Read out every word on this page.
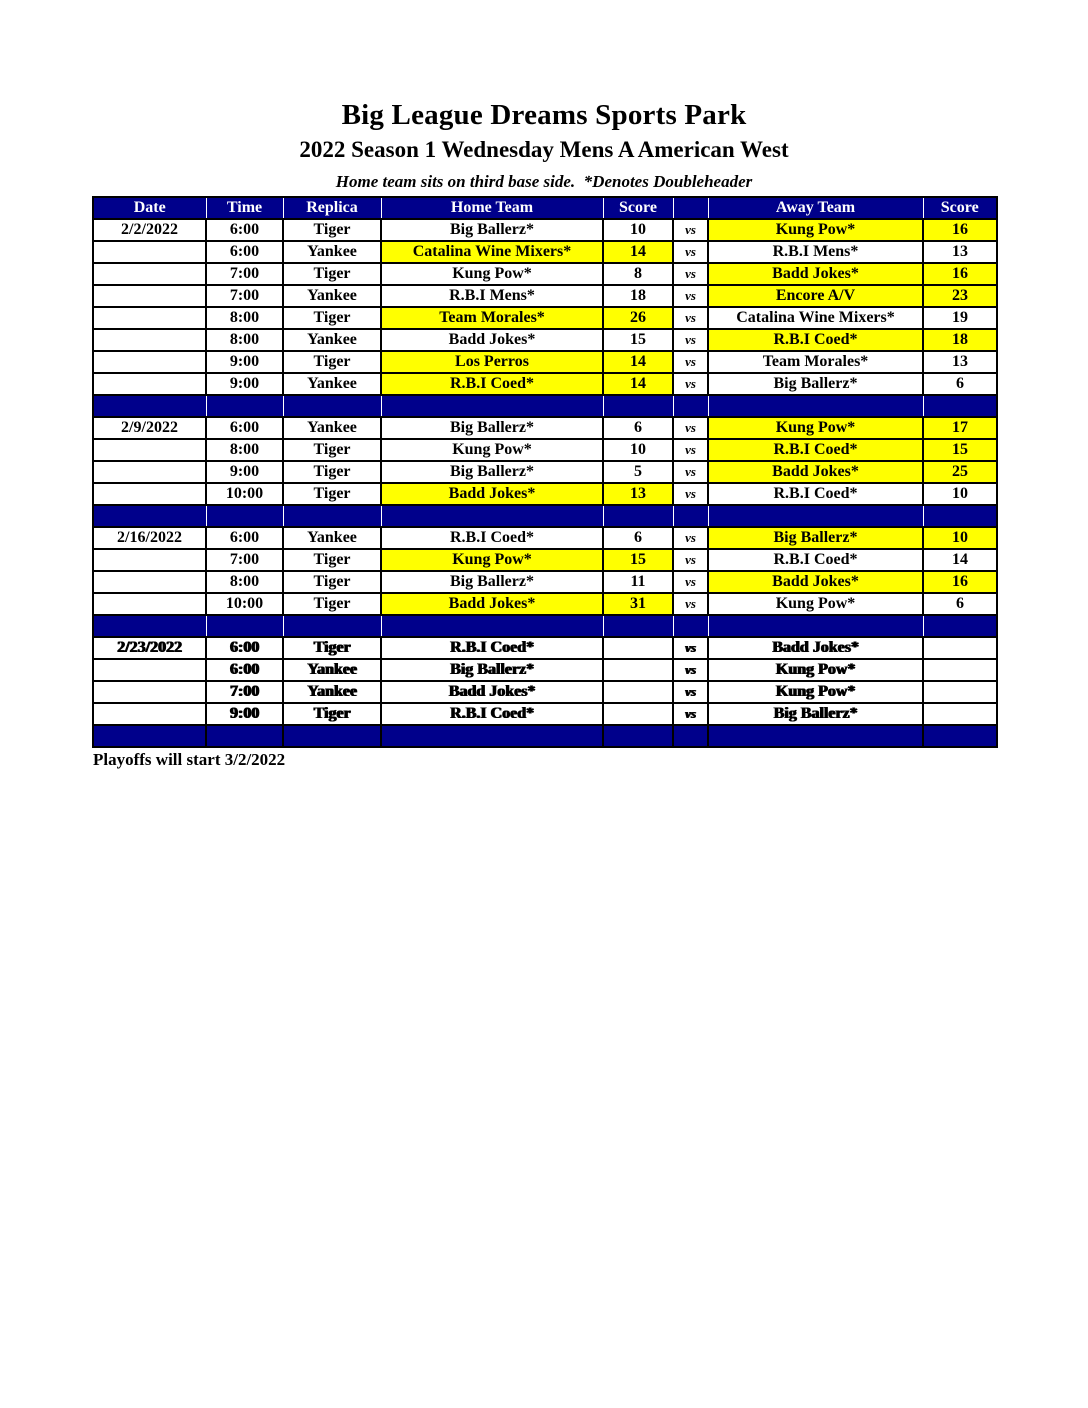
Big League Dreams Sports Park
2022 Season 1 Wednesday Mens A American West
Home team sits on third base side.  *Denotes Doubleheader
Date	Time	Replica	Home Team	Score		Away Team	Score
2/2/2022	6:00	Tiger	Big Ballerz*	10	vs	Kung Pow*	16
	6:00	Yankee	Catalina Wine Mixers*	14	vs	R.B.I Mens*	13
	7:00	Tiger	Kung Pow*	8	vs	Badd Jokes*	16
	7:00	Yankee	R.B.I Mens*	18	vs	Encore A/V	23
	8:00	Tiger	Team Morales*	26	vs	Catalina Wine Mixers*	19
	8:00	Yankee	Badd Jokes*	15	vs	R.B.I Coed*	18
	9:00	Tiger	Los Perros	14	vs	Team Morales*	13
	9:00	Yankee	R.B.I Coed*	14	vs	Big Ballerz*	6

2/9/2022	6:00	Yankee	Big Ballerz*	6	vs	Kung Pow*	17
	8:00	Tiger	Kung Pow*	10	vs	R.B.I Coed*	15
	9:00	Tiger	Big Ballerz*	5	vs	Badd Jokes*	25
	10:00	Tiger	Badd Jokes*	13	vs	R.B.I Coed*	10

2/16/2022	6:00	Yankee	R.B.I Coed*	6	vs	Big Ballerz*	10
	7:00	Tiger	Kung Pow*	15	vs	R.B.I Coed*	14
	8:00	Tiger	Big Ballerz*	11	vs	Badd Jokes*	16
	10:00	Tiger	Badd Jokes*	31	vs	Kung Pow*	6

2/23/2022	6:00	Tiger	R.B.I Coed*		vs	Badd Jokes*	
	6:00	Yankee	Big Ballerz*		vs	Kung Pow*	
	7:00	Yankee	Badd Jokes*		vs	Kung Pow*	
	9:00	Tiger	R.B.I Coed*		vs	Big Ballerz*	

Playoffs will start 3/2/2022
